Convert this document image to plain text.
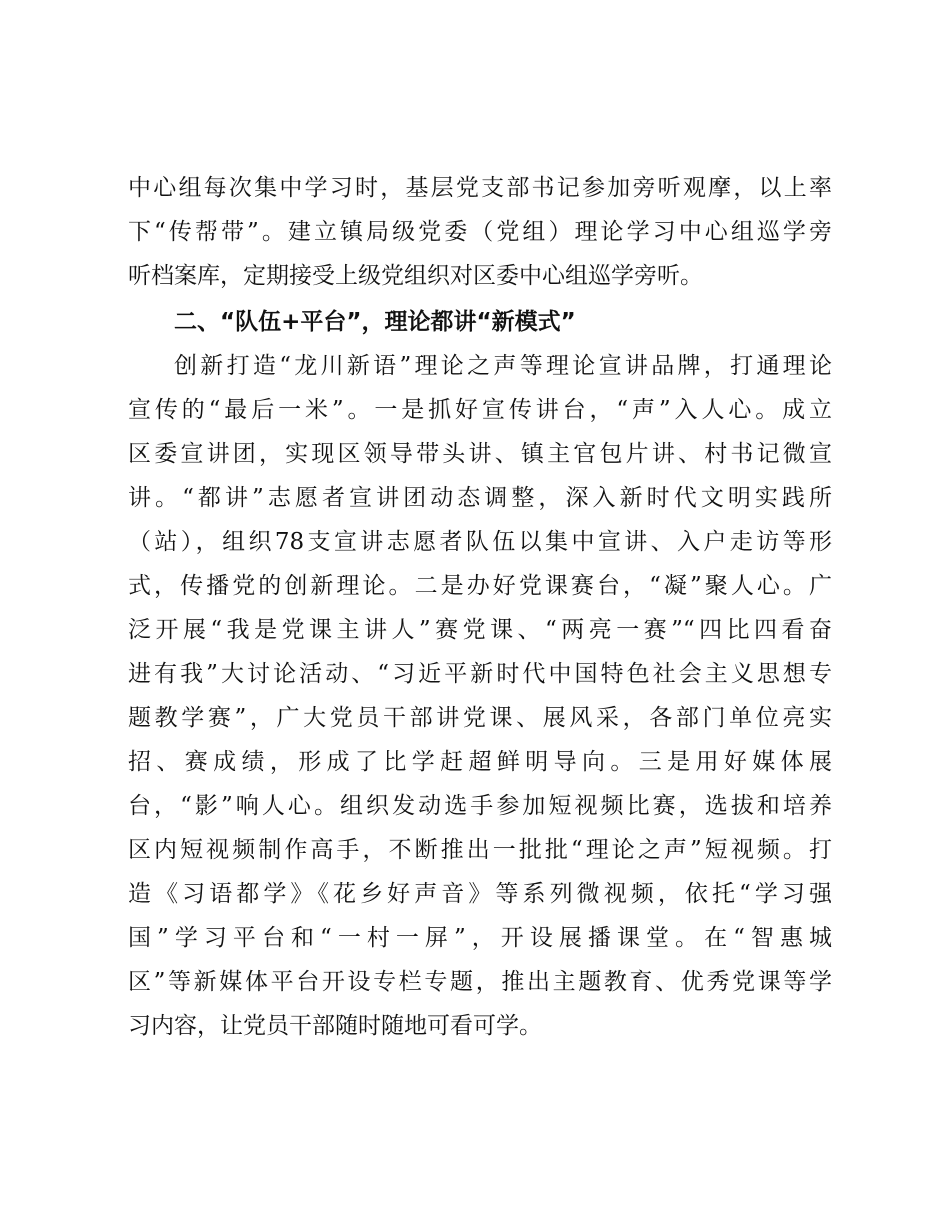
中心组每次集中学习时，基层党支部书记参加旁听观摩，以上率
下“传帮带”。建立镇局级党委（党组）理论学习中心组巡学旁
听档案库，定期接受上级党组织对区委中心组巡学旁听。
二、“队伍+平台”，理论都讲“新模式”
创新打造“龙川新语”理论之声等理论宣讲品牌，打通理论
宣传的“最后一米”。一是抓好宣传讲台，“声”入人心。成立
区委宣讲团，实现区领导带头讲、镇主官包片讲、村书记微宣
讲。“都讲”志愿者宣讲团动态调整，深入新时代文明实践所
（站），组织78支宣讲志愿者队伍以集中宣讲、入户走访等形
式，传播党的创新理论。二是办好党课赛台，“凝”聚人心。广
泛开展“我是党课主讲人”赛党课、“两亮一赛”“四比四看奋
进有我”大讨论活动、“习近平新时代中国特色社会主义思想专
题教学赛”，广大党员干部讲党课、展风采，各部门单位亮实
招、赛成绩，形成了比学赶超鲜明导向。三是用好媒体展
台，“影”响人心。组织发动选手参加短视频比赛，选拔和培养
区内短视频制作高手，不断推出一批批“理论之声”短视频。打
造《习语都学》《花乡好声音》等系列微视频，依托“学习强
国”学习平台和“一村一屏”，开设展播课堂。在“智惠城
区”等新媒体平台开设专栏专题，推出主题教育、优秀党课等学
习内容，让党员干部随时随地可看可学。
